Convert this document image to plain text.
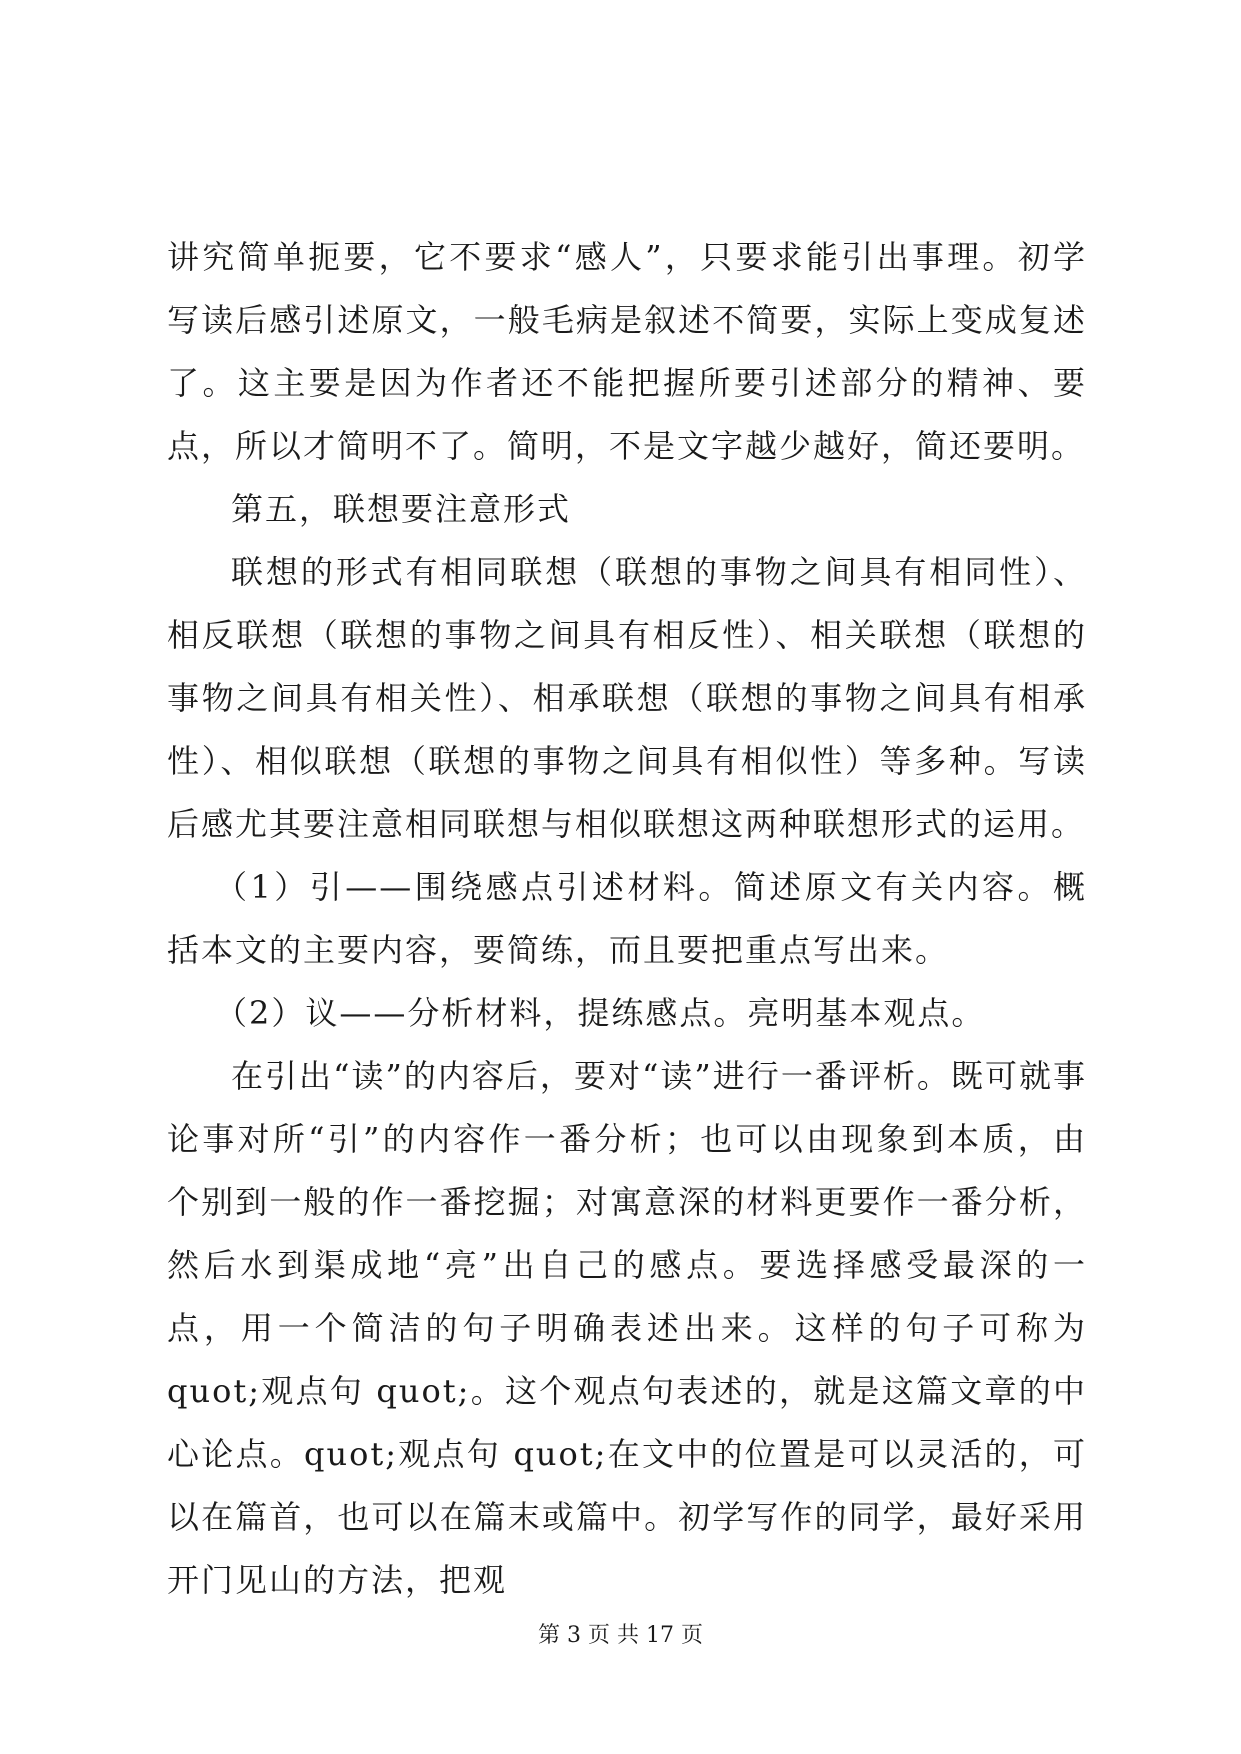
讲究简单扼要，它不要求“感人”，只要求能引出事理。初学写读后感引述原文，一般毛病是叙述不简要，实际上变成复述了。这主要是因为作者还不能把握所要引述部分的精神、要点，所以才简明不了。简明，不是文字越少越好，简还要明。

第五，联想要注意形式

联想的形式有相同联想（联想的事物之间具有相同性）、相反联想（联想的事物之间具有相反性）、相关联想（联想的事物之间具有相关性）、相承联想（联想的事物之间具有相承性）、相似联想（联想的事物之间具有相似性）等多种。写读后感尤其要注意相同联想与相似联想这两种联想形式的运用。

（1）引——围绕感点引述材料。简述原文有关内容。概括本文的主要内容，要简练，而且要把重点写出来。

（2）议——分析材料，提练感点。亮明基本观点。

在引出“读”的内容后，要对“读”进行一番评析。既可就事论事对所“引”的内容作一番分析；也可以由现象到本质，由个别到一般的作一番挖掘；对寓意深的材料更要作一番分析，然后水到渠成地“亮”出自己的感点。要选择感受最深的一点，用一个简洁的句子明确表述出来。这样的句子可称为 quot;观点句 quot;。这个观点句表述的，就是这篇文章的中心论点。quot;观点句 quot;在文中的位置是可以灵活的，可以在篇首，也可以在篇末或篇中。初学写作的同学，最好采用开门见山的方法，把观

第 3 页 共 17 页
